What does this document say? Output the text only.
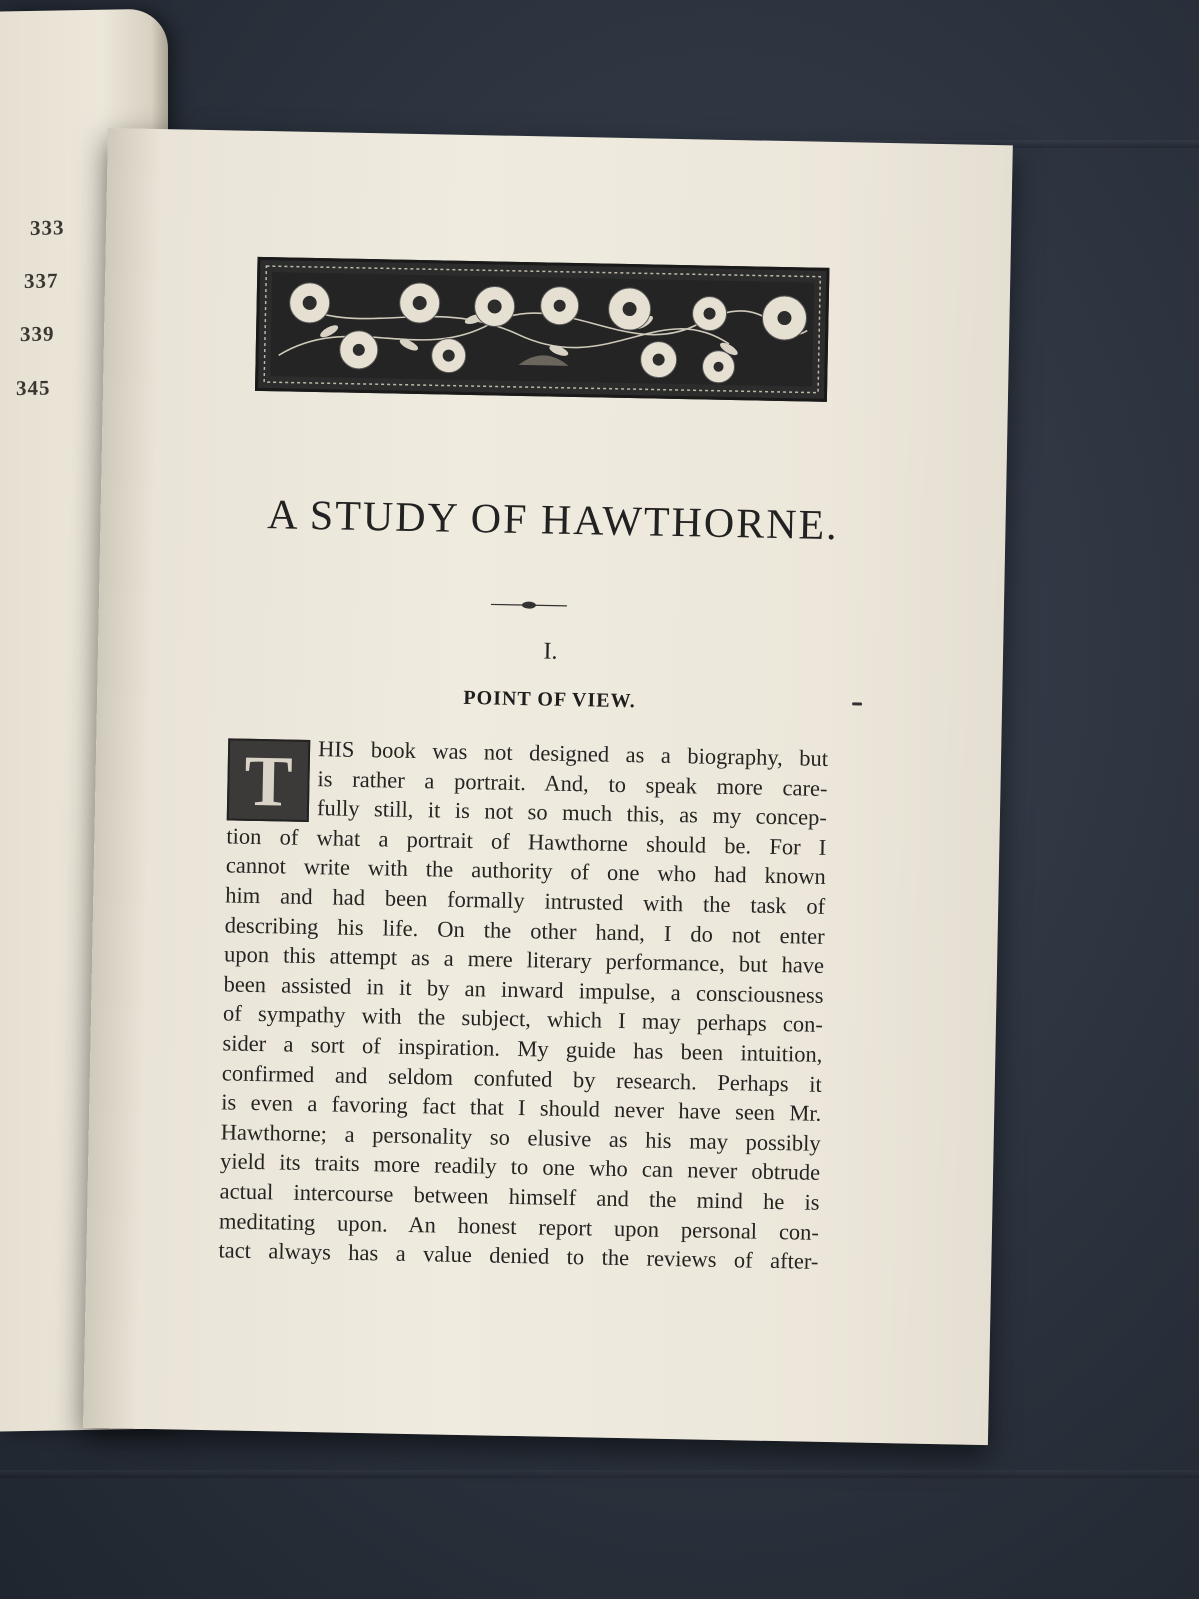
333
337
339
345
A STUDY OF HAWTHORNE.
I.
POINT OF VIEW.
T	HIS book was not designed as a biography, but
is rather a portrait. And, to speak more care-
fully still, it is not so much this, as my concep-
tion of what a portrait of Hawthorne should be. For I
cannot write with the authority of one who had known
him and had been formally intrusted with the task of
describing his life. On the other hand, I do not enter
upon this attempt as a mere literary performance, but have
been assisted in it by an inward impulse, a consciousness
of sympathy with the subject, which I may perhaps con-
sider a sort of inspiration. My guide has been intuition,
confirmed and seldom confuted by research. Perhaps it
is even a favoring fact that I should never have seen Mr.
Hawthorne; a personality so elusive as his may possibly
yield its traits more readily to one who can never obtrude
actual intercourse between himself and the mind he is
meditating upon. An honest report upon personal con-
tact always has a value denied to the reviews of after-
